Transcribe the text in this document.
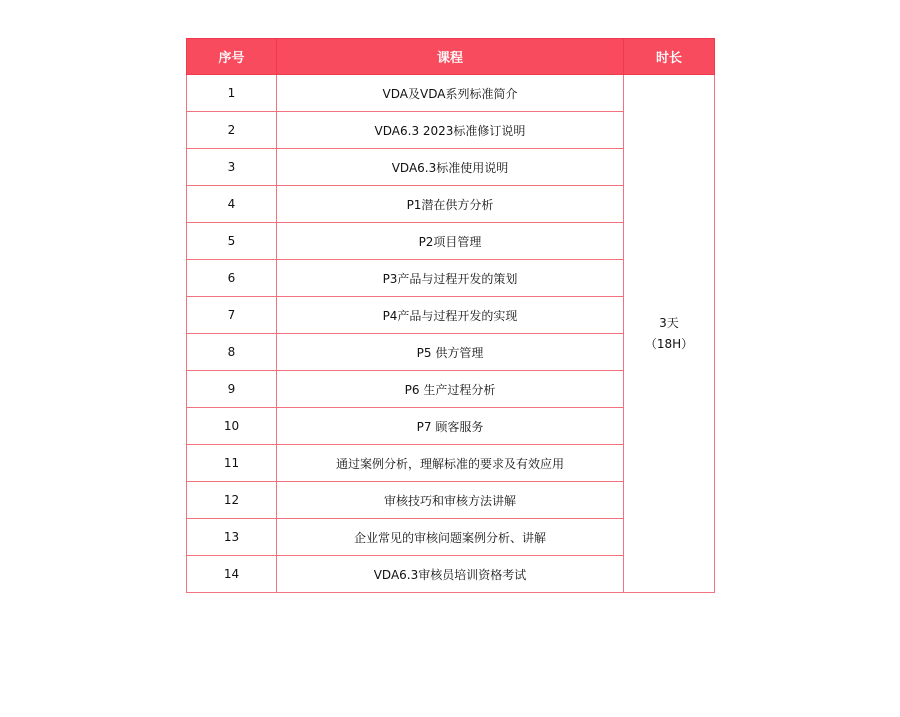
序号	课程	时长
1	VDA及VDA系列标准简介	3天
（18H）

2	VDA6.3 2023标准修订说明	
3	VDA6.3标准使用说明	
4	P1潜在供方分析	
5	P2项目管理	
6	P3产品与过程开发的策划	
7	P4产品与过程开发的实现	
8	P5 供方管理	
9	P6 生产过程分析	
10	P7 顾客服务	
11	通过案例分析，理解标准的要求及有效应用	
12	审核技巧和审核方法讲解	
13	企业常见的审核问题案例分析、讲解	
14	VDA6.3审核员培训资格考试	
